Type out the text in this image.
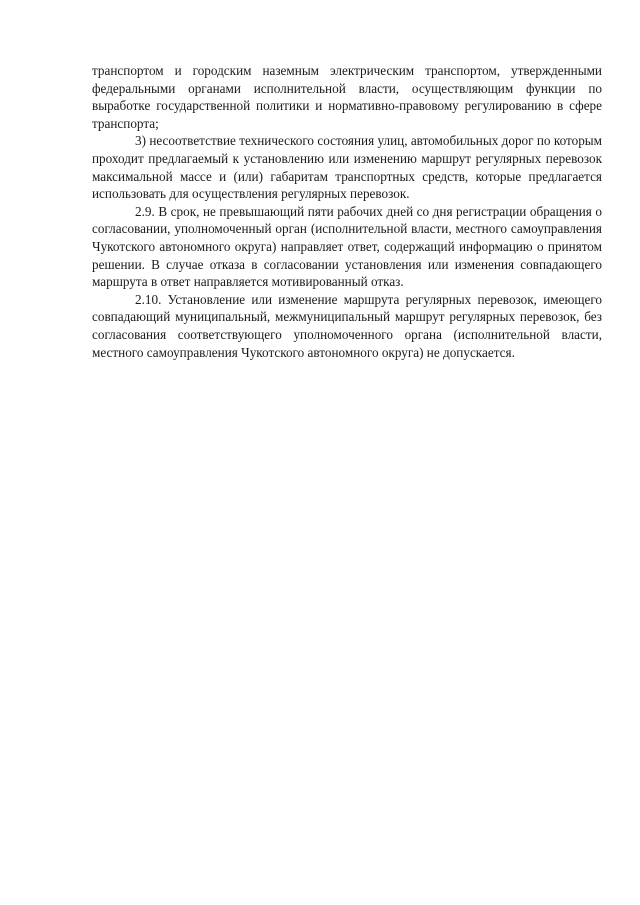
транспортом и городским наземным электрическим транспортом, утвержденными федеральными органами исполнительной власти, осуществляющим функции по выработке государственной политики и нормативно-правовому регулированию в сфере транспорта;

3) несоответствие технического состояния улиц, автомобильных дорог по которым проходит предлагаемый к установлению или изменению маршрут регулярных перевозок максимальной массе и (или) габаритам транспортных средств, которые предлагается использовать для осуществления регулярных перевозок.

2.9. В срок, не превышающий пяти рабочих дней со дня регистрации обращения о согласовании, уполномоченный орган (исполнительной власти, местного самоуправления Чукотского автономного округа) направляет ответ, содержащий информацию о принятом решении. В случае отказа в согласовании установления или изменения совпадающего маршрута в ответ направляется мотивированный отказ.

2.10. Установление или изменение маршрута регулярных перевозок, имеющего совпадающий муниципальный, межмуниципальный маршрут регулярных перевозок, без согласования соответствующего уполномоченного органа (исполнительной власти, местного самоуправления Чукотского автономного округа) не допускается.
